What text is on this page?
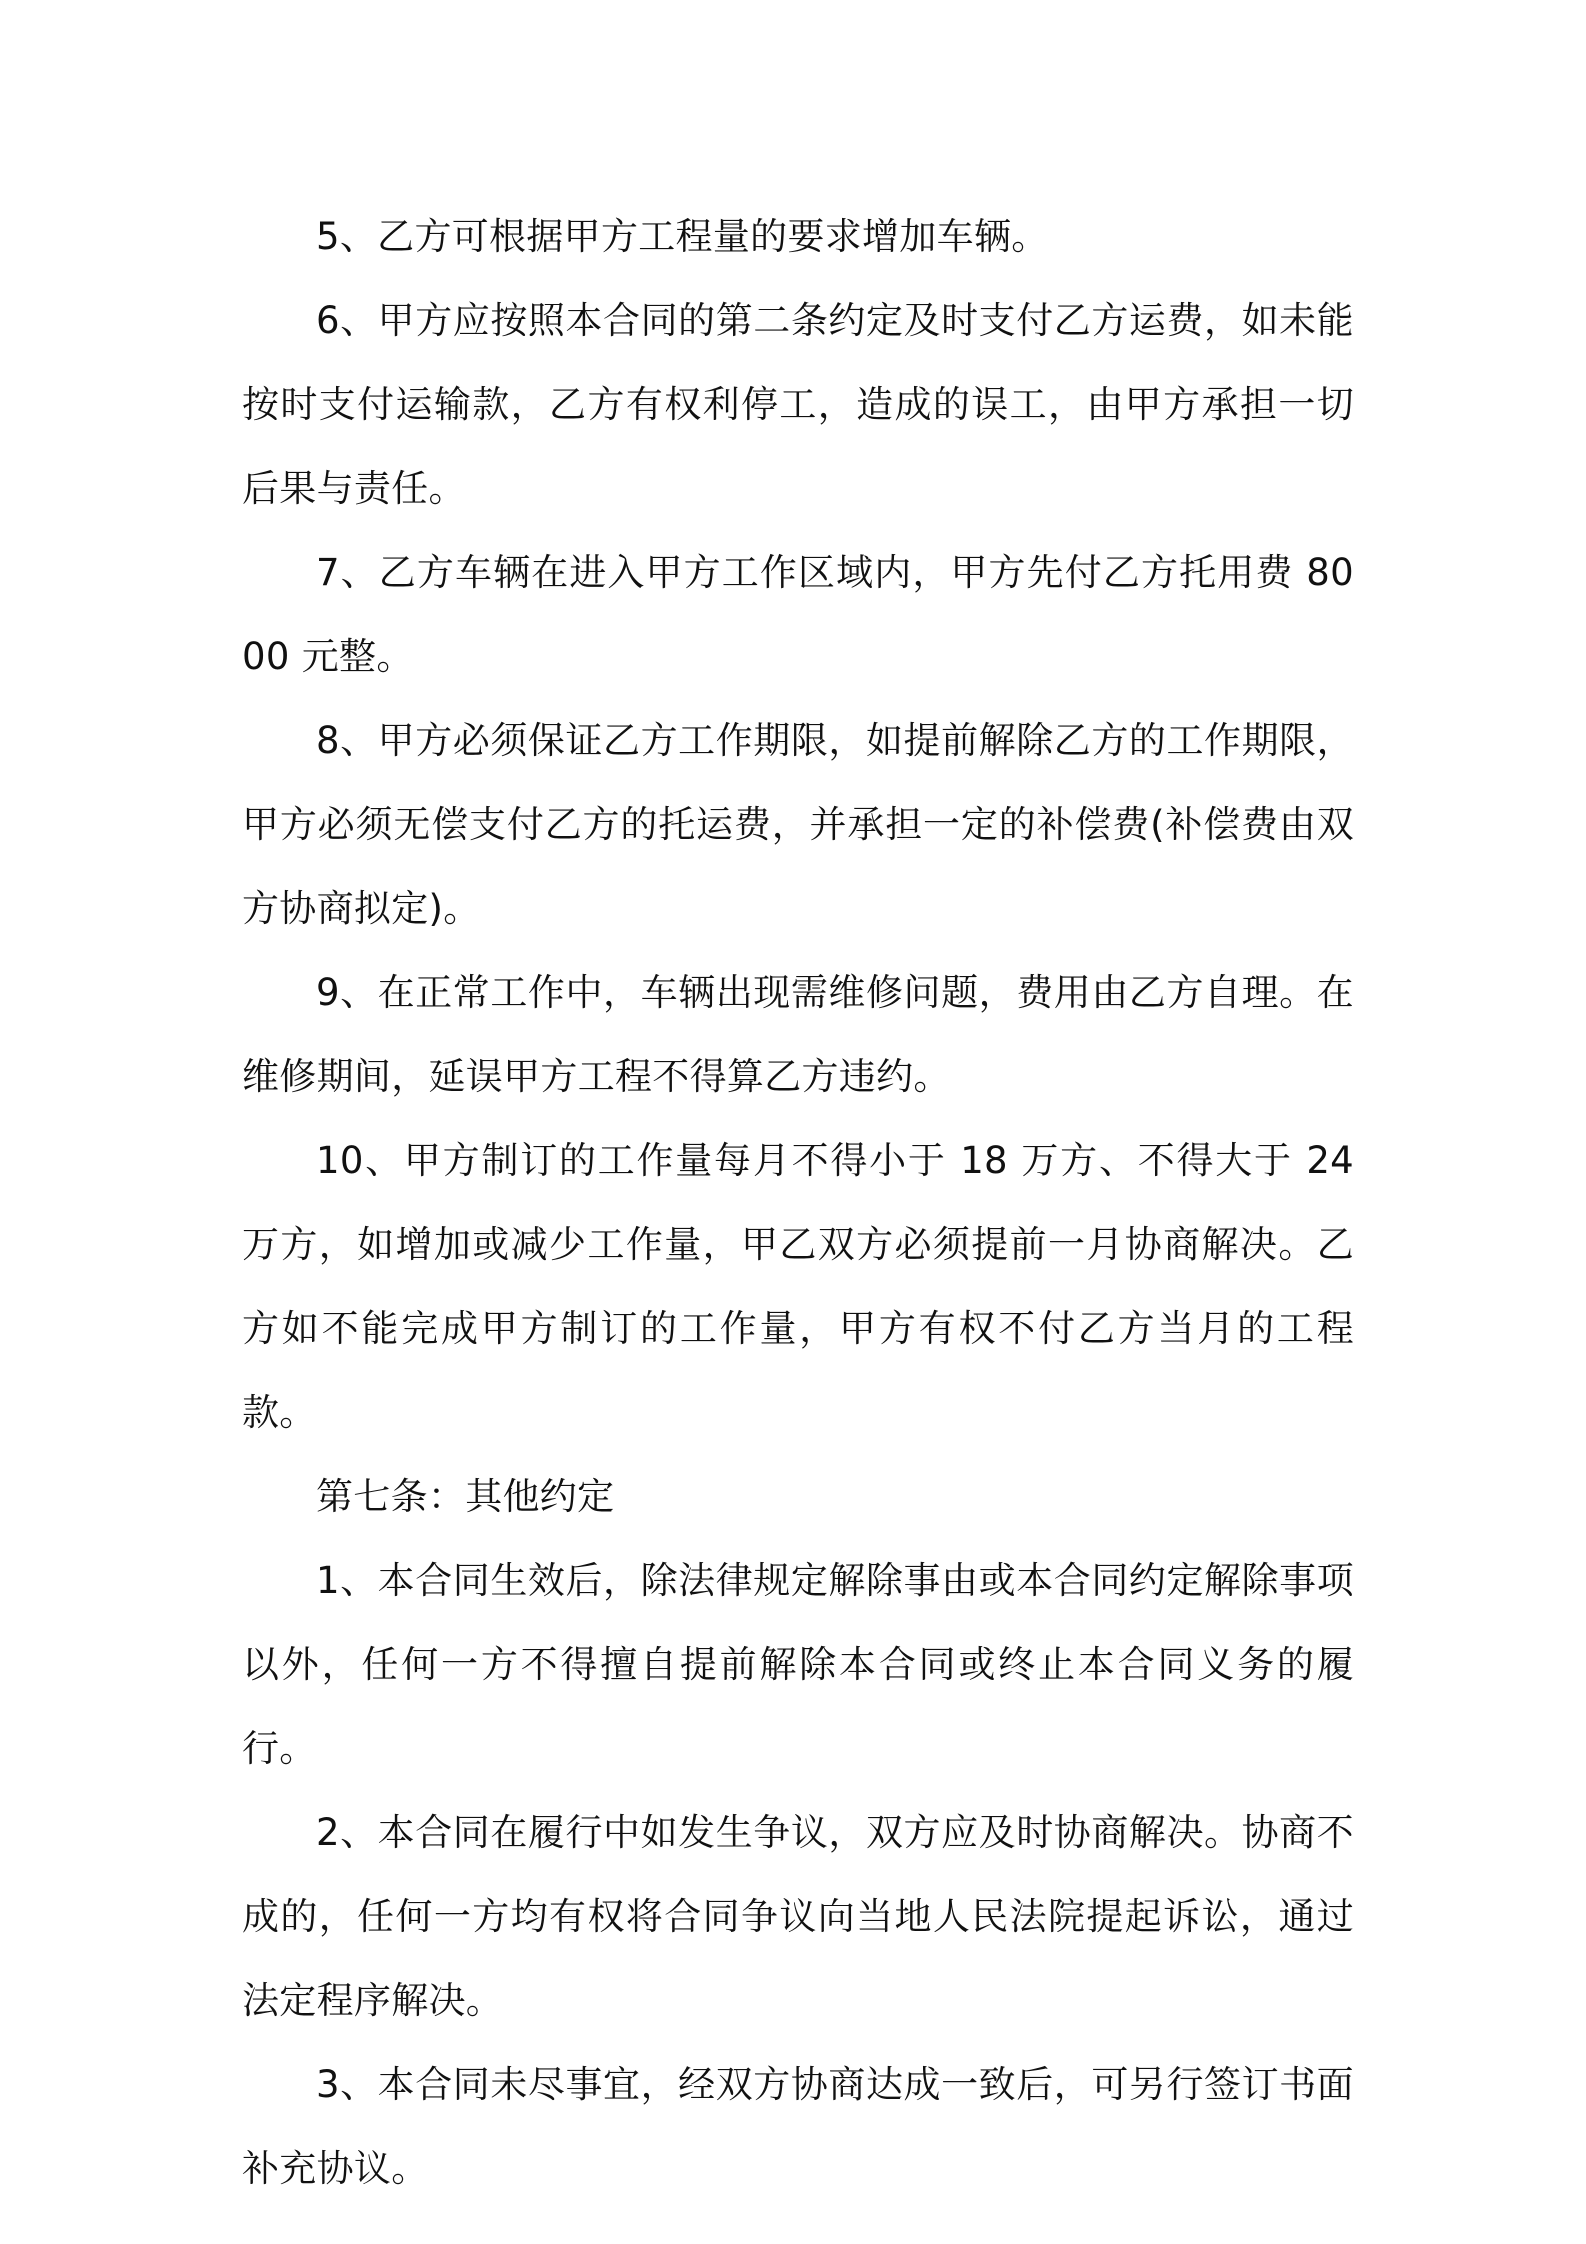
5、乙方可根据甲方工程量的要求增加车辆。

6、甲方应按照本合同的第二条约定及时支付乙方运费，如未能按时支付运输款，乙方有权利停工，造成的误工，由甲方承担一切后果与责任。

7、乙方车辆在进入甲方工作区域内，甲方先付乙方托用费 8000 元整。

8、甲方必须保证乙方工作期限，如提前解除乙方的工作期限，甲方必须无偿支付乙方的托运费，并承担一定的补偿费(补偿费由双方协商拟定)。

9、在正常工作中，车辆出现需维修问题，费用由乙方自理。在维修期间，延误甲方工程不得算乙方违约。

10、甲方制订的工作量每月不得小于 18 万方、不得大于 24 万方，如增加或减少工作量，甲乙双方必须提前一月协商解决。乙方如不能完成甲方制订的工作量，甲方有权不付乙方当月的工程款。

第七条：其他约定

1、本合同生效后，除法律规定解除事由或本合同约定解除事项以外，任何一方不得擅自提前解除本合同或终止本合同义务的履行。

2、本合同在履行中如发生争议，双方应及时协商解决。协商不成的，任何一方均有权将合同争议向当地人民法院提起诉讼，通过法定程序解决。

3、本合同未尽事宜，经双方协商达成一致后，可另行签订书面补充协议。
